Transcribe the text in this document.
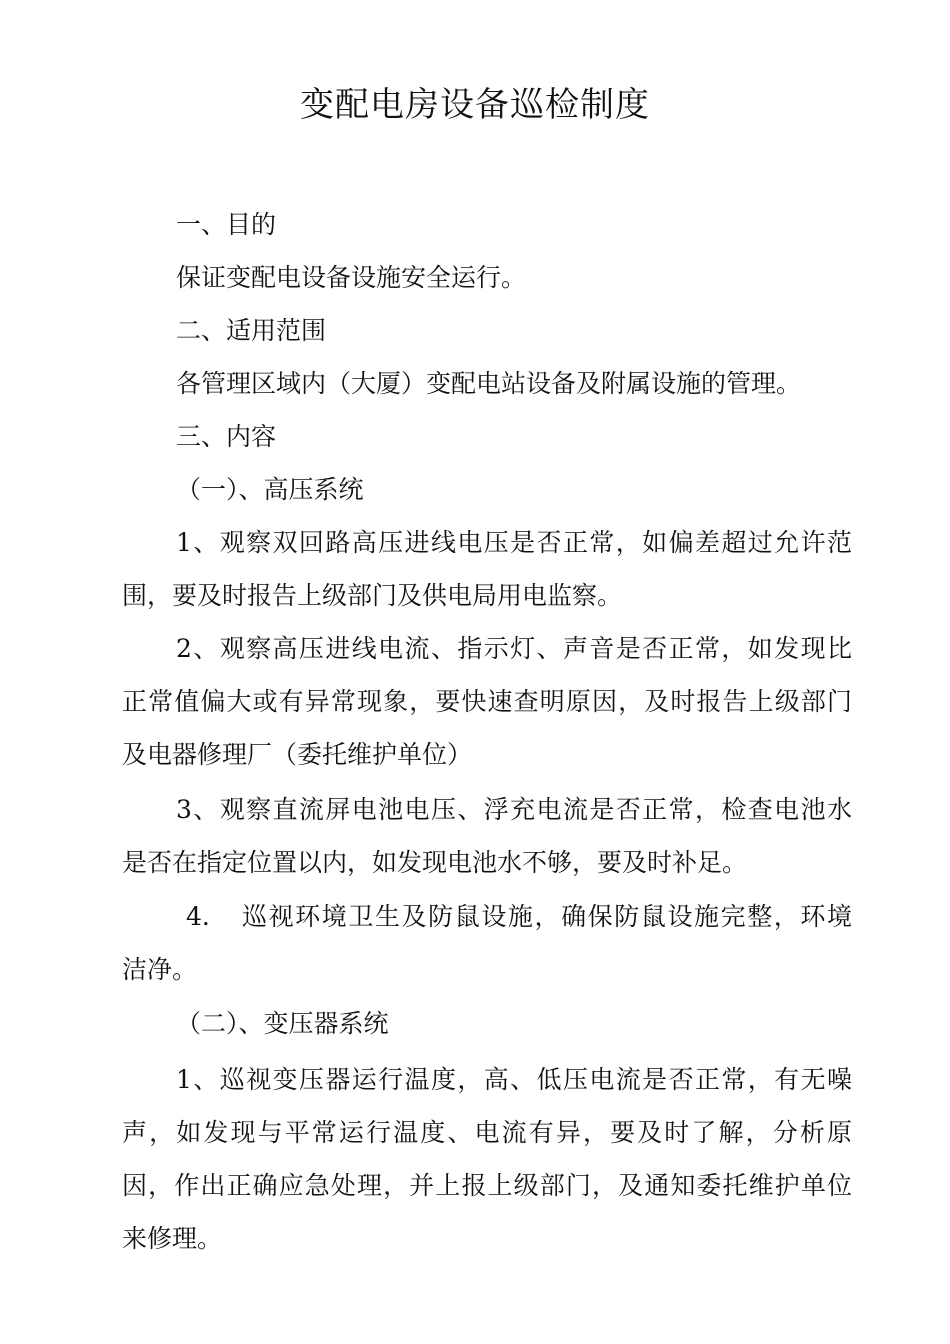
变配电房设备巡检制度
一、目的
保证变配电设备设施安全运行。
二、适用范围
各管理区域内（大厦）变配电站设备及附属设施的管理。
三、内容
（一）、高压系统
1、观察双回路高压进线电压是否正常，如偏差超过允许范
围，要及时报告上级部门及供电局用电监察。
2、观察高压进线电流、指示灯、声音是否正常，如发现比
正常值偏大或有异常现象，要快速查明原因，及时报告上级部门
及电器修理厂（委托维护单位）
3、观察直流屏电池电压、浮充电流是否正常，检查电池水
是否在指定位置以内，如发现电池水不够，要及时补足。
4. 巡视环境卫生及防鼠设施，确保防鼠设施完整，环境
洁净。
（二）、变压器系统
1、巡视变压器运行温度，高、低压电流是否正常，有无噪
声，如发现与平常运行温度、电流有异，要及时了解，分析原
因，作出正确应急处理，并上报上级部门，及通知委托维护单位
来修理。
